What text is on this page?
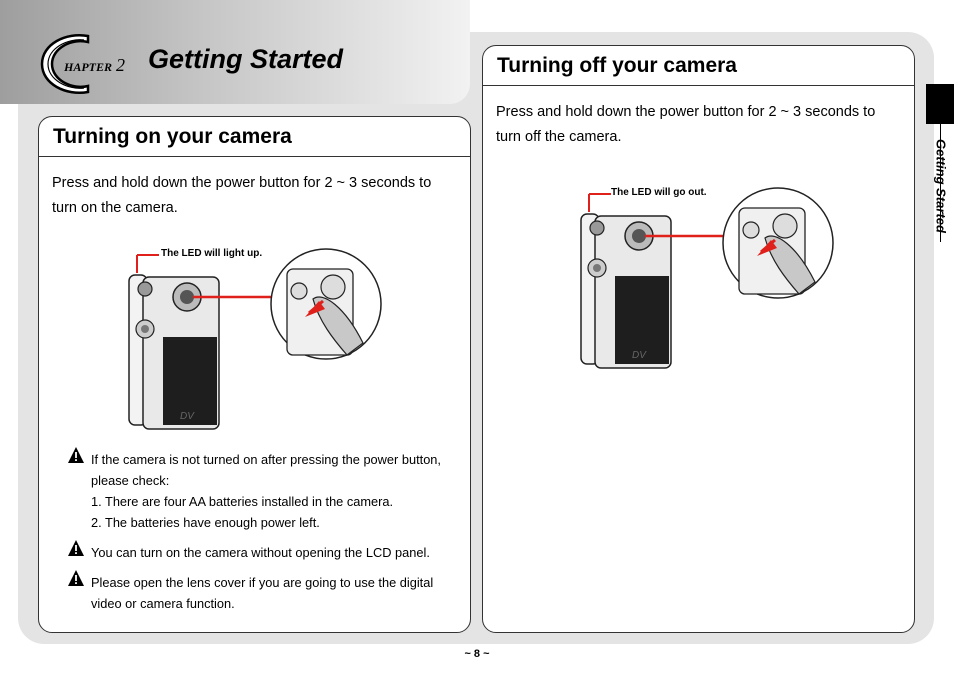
HAPTER 2 Getting Started
Getting Started
Turning on your camera
Press and hold down the power button for 2 ~ 3 seconds to turn on the camera.
The LED will light up.
DV
If the camera is not turned on after pressing the power button, please check:
1. There are four AA batteries installed in the camera.
2. The batteries have enough power left.
You can turn on the camera without opening the LCD panel.
Please open the lens cover if you are going to use the digital video or camera function.
Turning off your camera
Press and hold down the power button for 2 ~ 3 seconds to turn off the camera.
The LED will go out.
DV
~ 8 ~
